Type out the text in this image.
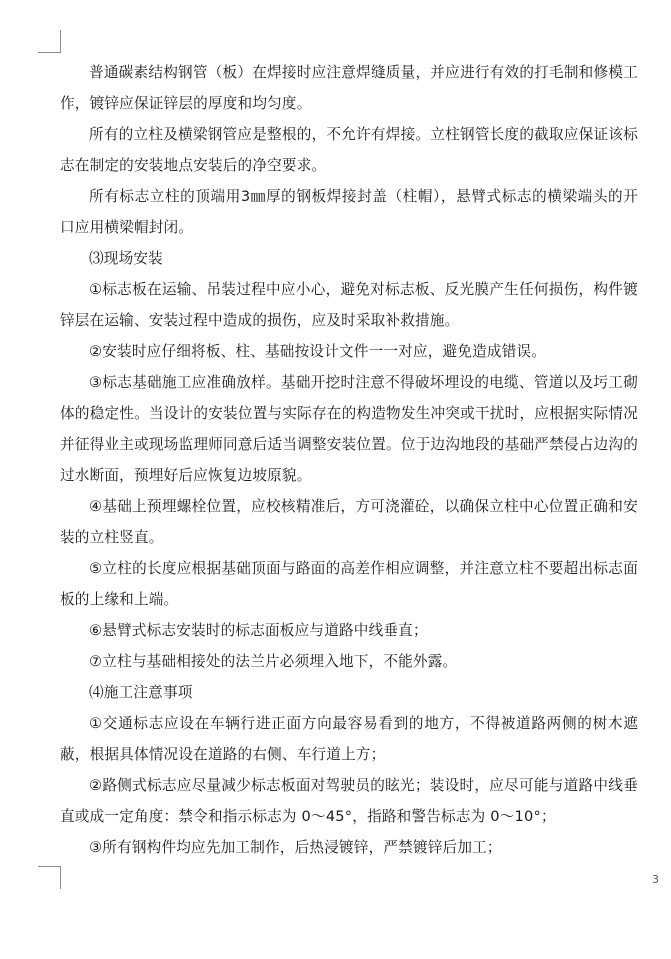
普通碳素结构钢管（板）在焊接时应注意焊缝质量，并应进行有效的打毛制和修模工作，镀锌应保证锌层的厚度和均匀度。

所有的立柱及横梁钢管应是整根的，不允许有焊接。立柱钢管长度的截取应保证该标志在制定的安装地点安装后的净空要求。

所有标志立柱的顶端用3㎜厚的钢板焊接封盖（柱帽），悬臂式标志的横梁端头的开口应用横梁帽封闭。

⑶现场安装

①标志板在运输、吊装过程中应小心，避免对标志板、反光膜产生任何损伤，构件镀锌层在运输、安装过程中造成的损伤，应及时采取补救措施。

②安装时应仔细将板、柱、基础按设计文件一一对应，避免造成错误。

③标志基础施工应准确放样。基础开挖时注意不得破坏埋设的电缆、管道以及圬工砌体的稳定性。当设计的安装位置与实际存在的构造物发生冲突或干扰时，应根据实际情况并征得业主或现场监理师同意后适当调整安装位置。位于边沟地段的基础严禁侵占边沟的过水断面，预埋好后应恢复边坡原貌。

④基础上预埋螺栓位置，应校核精准后，方可浇灌砼，以确保立柱中心位置正确和安装的立柱竖直。

⑤立柱的长度应根据基础顶面与路面的高差作相应调整，并注意立柱不要超出标志面板的上缘和上端。

⑥悬臂式标志安装时的标志面板应与道路中线垂直；

⑦立柱与基础相接处的法兰片必须埋入地下，不能外露。

⑷施工注意事项

①交通标志应设在车辆行进正面方向最容易看到的地方，不得被道路两侧的树木遮蔽，根据具体情况设在道路的右侧、车行道上方；

②路侧式标志应尽量减少标志板面对驾驶员的眩光；装设时，应尽可能与道路中线垂直或成一定角度：禁令和指示标志为 0～45°，指路和警告标志为 0～10°；

③所有钢构件均应先加工制作，后热浸镀锌，严禁镀锌后加工；

3
